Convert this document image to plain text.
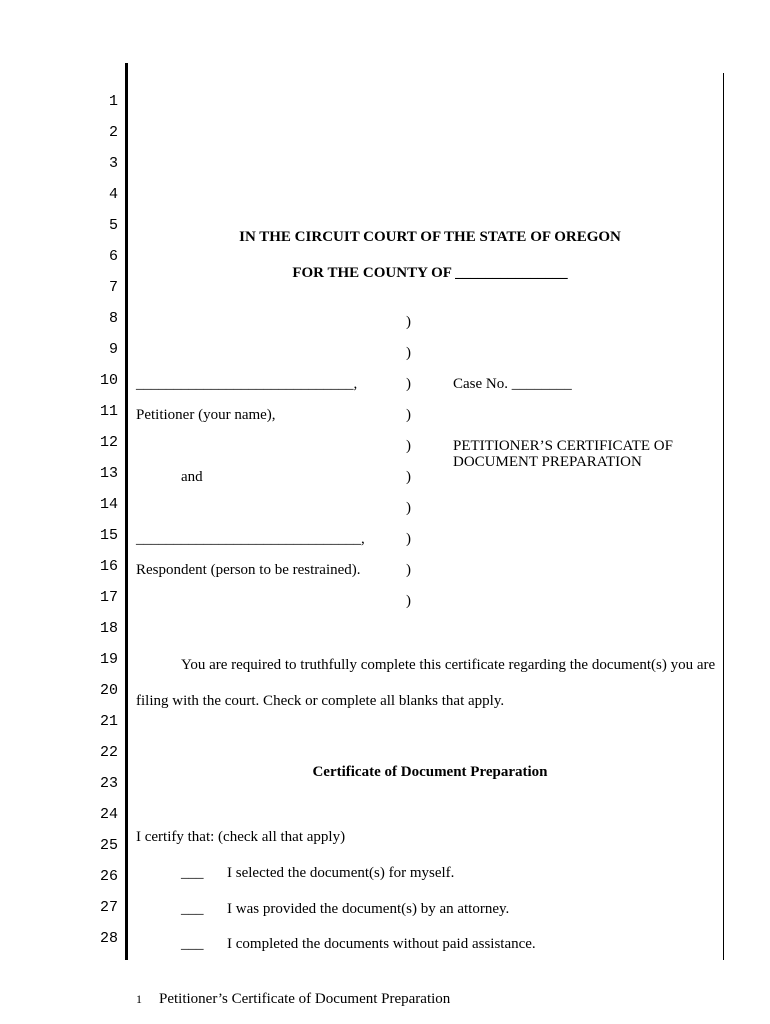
1
2
3
4
5
6
7
8
9
10
11
12
13
14
15
16
17
18
19
20
21
22
23
24
25
26
27
28
IN THE CIRCUIT COURT OF THE STATE OF OREGON
FOR THE COUNTY OF _______________
_____________________________,
Petitioner (your name),
and
______________________________,
Respondent (person to be restrained).
)
)
)
)
)
)
)
)
)
)
Case No. ________
PETITIONER’S CERTIFICATE OF
DOCUMENT PREPARATION
You are required to truthfully complete this certificate regarding the document(s) you are
filing with the court. Check or complete all blanks that apply.
Certificate of Document Preparation
I certify that: (check all that apply)
___ I selected the document(s) for myself.
___ I was provided the document(s) by an attorney.
___ I completed the documents without paid assistance.
1 Petitioner’s Certificate of Document Preparation
